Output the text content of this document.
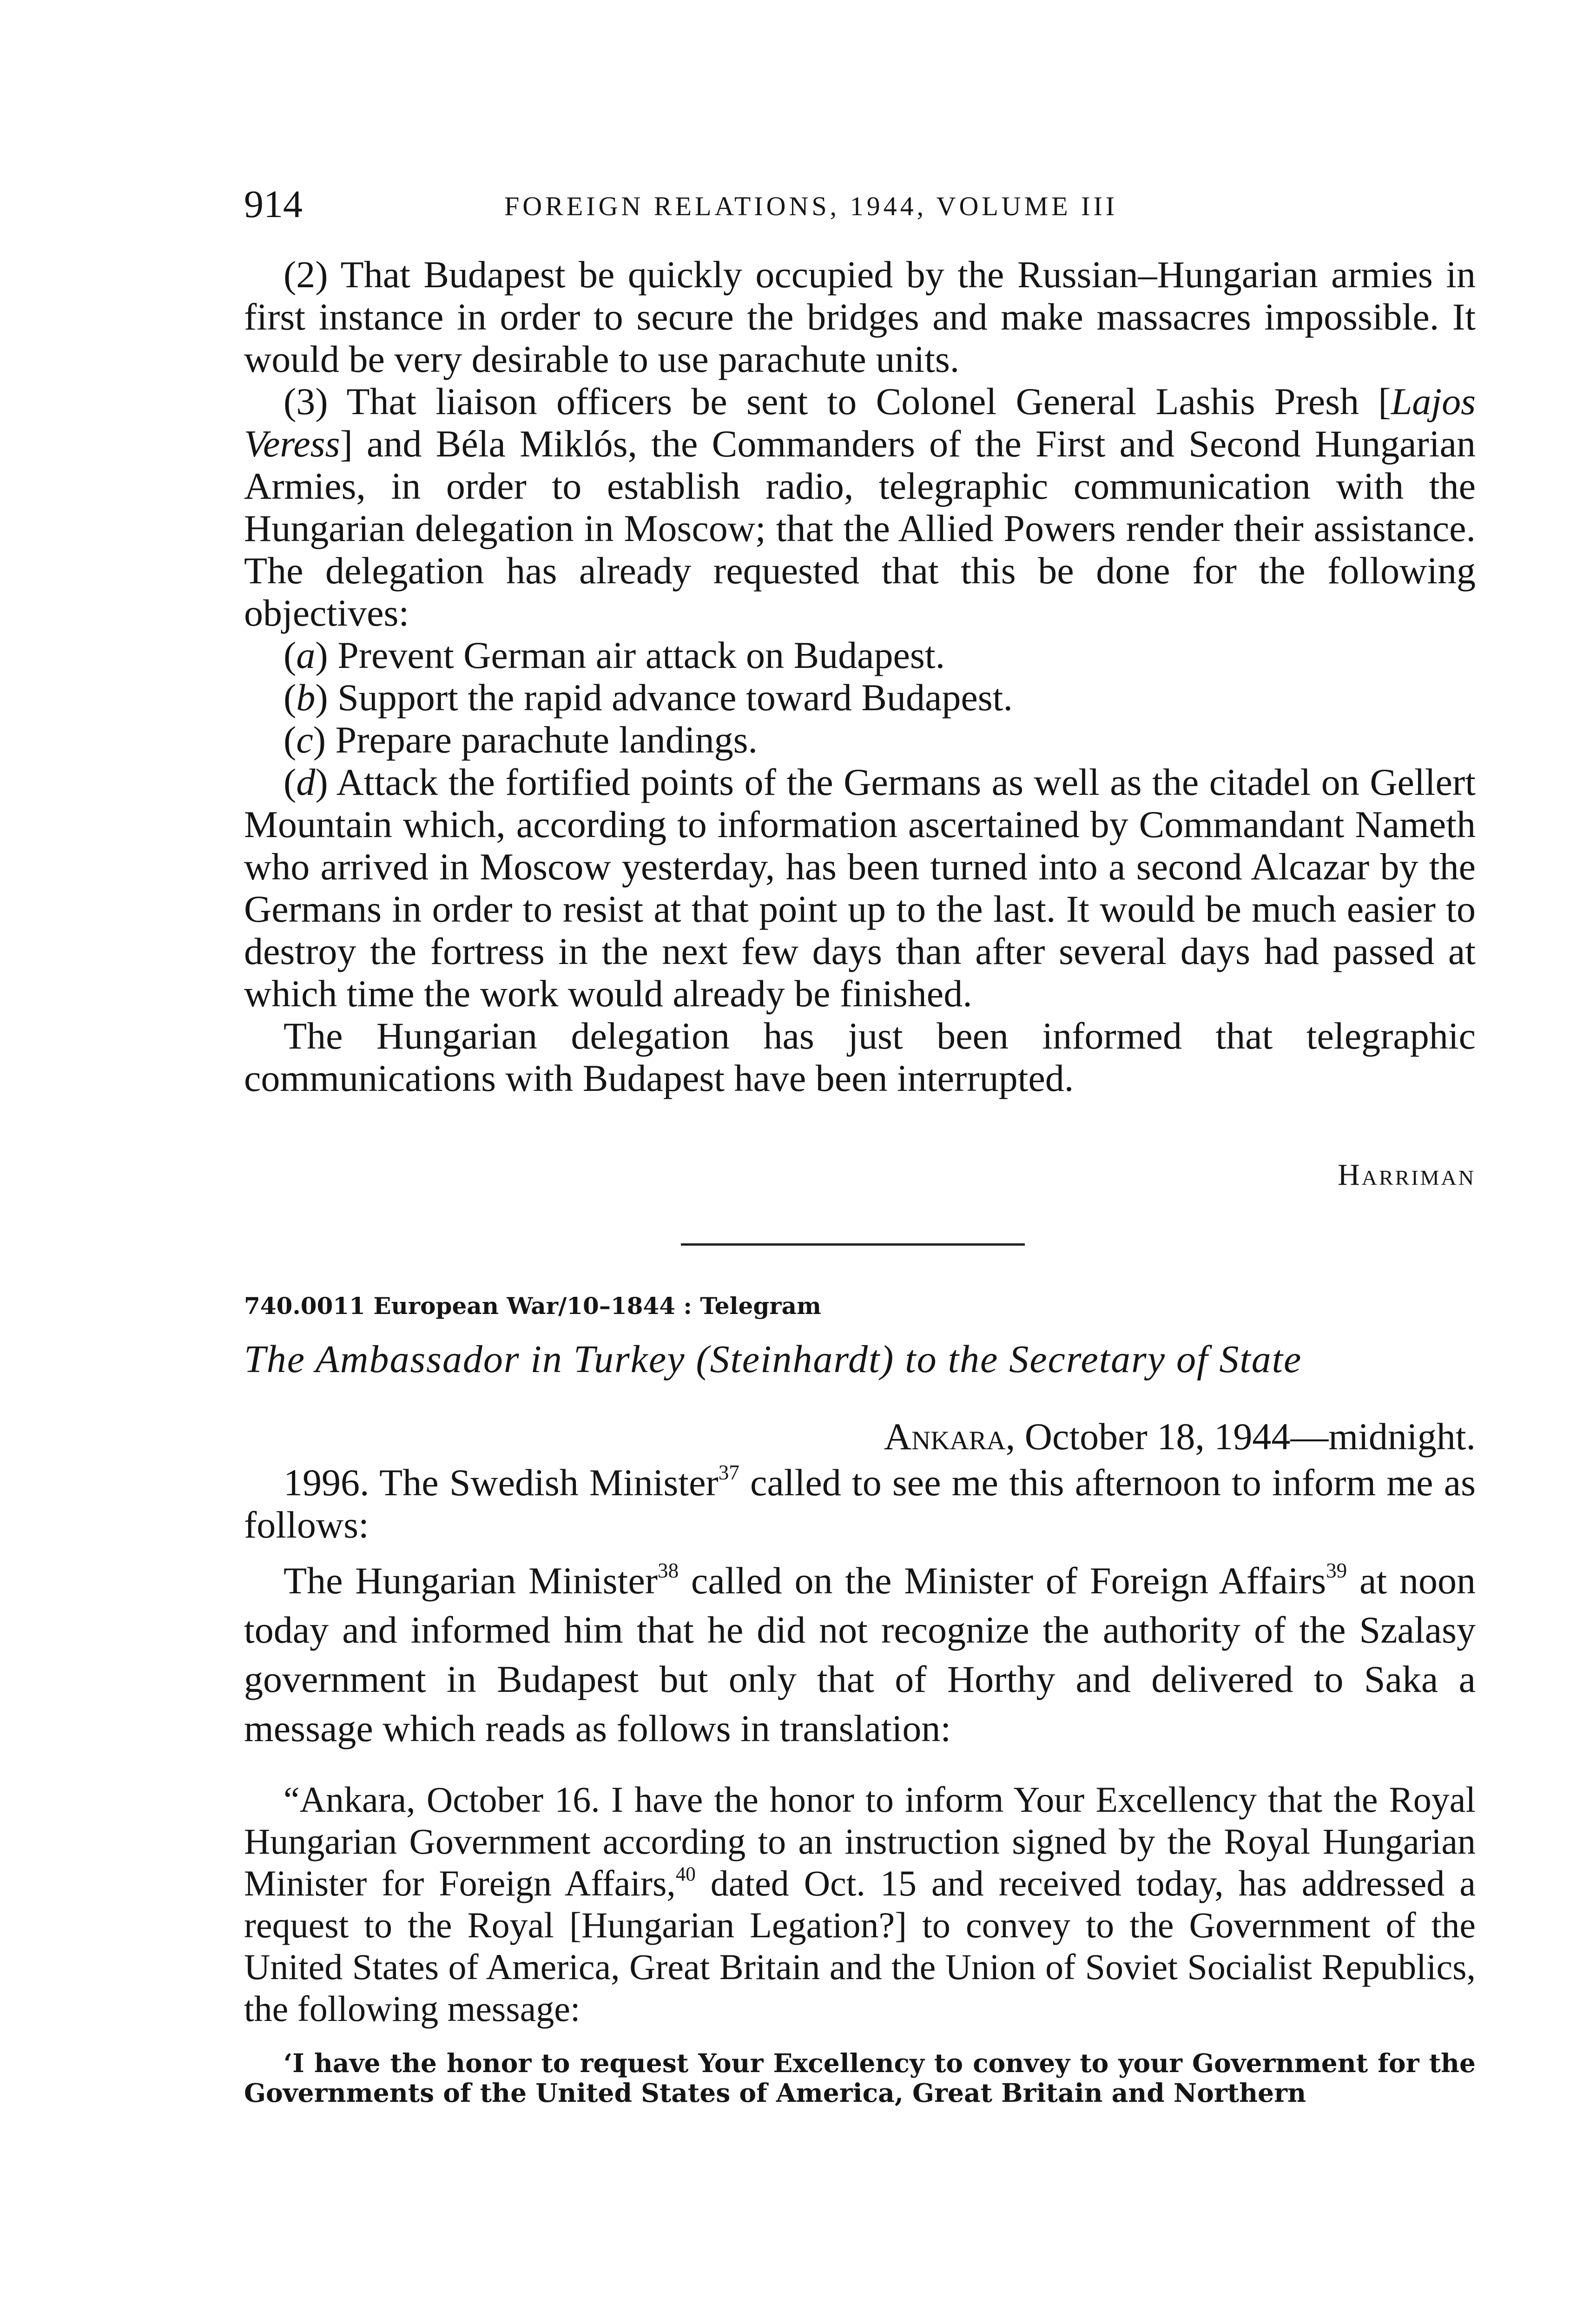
914	FOREIGN RELATIONS, 1944, VOLUME III

(2) That Budapest be quickly occupied by the Russian–Hungarian armies in first instance in order to secure the bridges and make massacres impossible. It would be very desirable to use parachute units.

(3) That liaison officers be sent to Colonel General Lashis Presh [Lajos Veress] and Béla Miklós, the Commanders of the First and Second Hungarian Armies, in order to establish radio, telegraphic communication with the Hungarian delegation in Moscow; that the Allied Powers render their assistance. The delegation has already requested that this be done for the following objectives:

(a) Prevent German air attack on Budapest.

(b) Support the rapid advance toward Budapest.

(c) Prepare parachute landings.

(d) Attack the fortified points of the Germans as well as the citadel on Gellert Mountain which, according to information ascertained by Commandant Nameth who arrived in Moscow yesterday, has been turned into a second Alcazar by the Germans in order to resist at that point up to the last. It would be much easier to destroy the fortress in the next few days than after several days had passed at which time the work would already be finished.

The Hungarian delegation has just been informed that telegraphic communications with Budapest have been interrupted.

Harriman
740.0011 European War/10–1844 : Telegram
The Ambassador in Turkey (Steinhardt) to the Secretary of State
Ankara, October 18, 1944—midnight.

1996. The Swedish Minister$^{37}$ called to see me this afternoon to inform me as follows:

The Hungarian Minister$^{38}$ called on the Minister of Foreign Affairs$^{39}$ at noon today and informed him that he did not recognize the authority of the Szalasy government in Budapest but only that of Horthy and delivered to Saka a message which reads as follows in translation:

“Ankara, October 16. I have the honor to inform Your Excellency that the Royal Hungarian Government according to an instruction signed by the Royal Hungarian Minister for Foreign Affairs,$^{40}$ dated Oct. 15 and received today, has addressed a request to the Royal [Hungarian Legation?] to convey to the Government of the United States of America, Great Britain and the Union of Soviet Socialist Republics, the following message:

‘I have the honor to request Your Excellency to convey to your Government for the Governments of the United States of America, Great Britain and Northern
